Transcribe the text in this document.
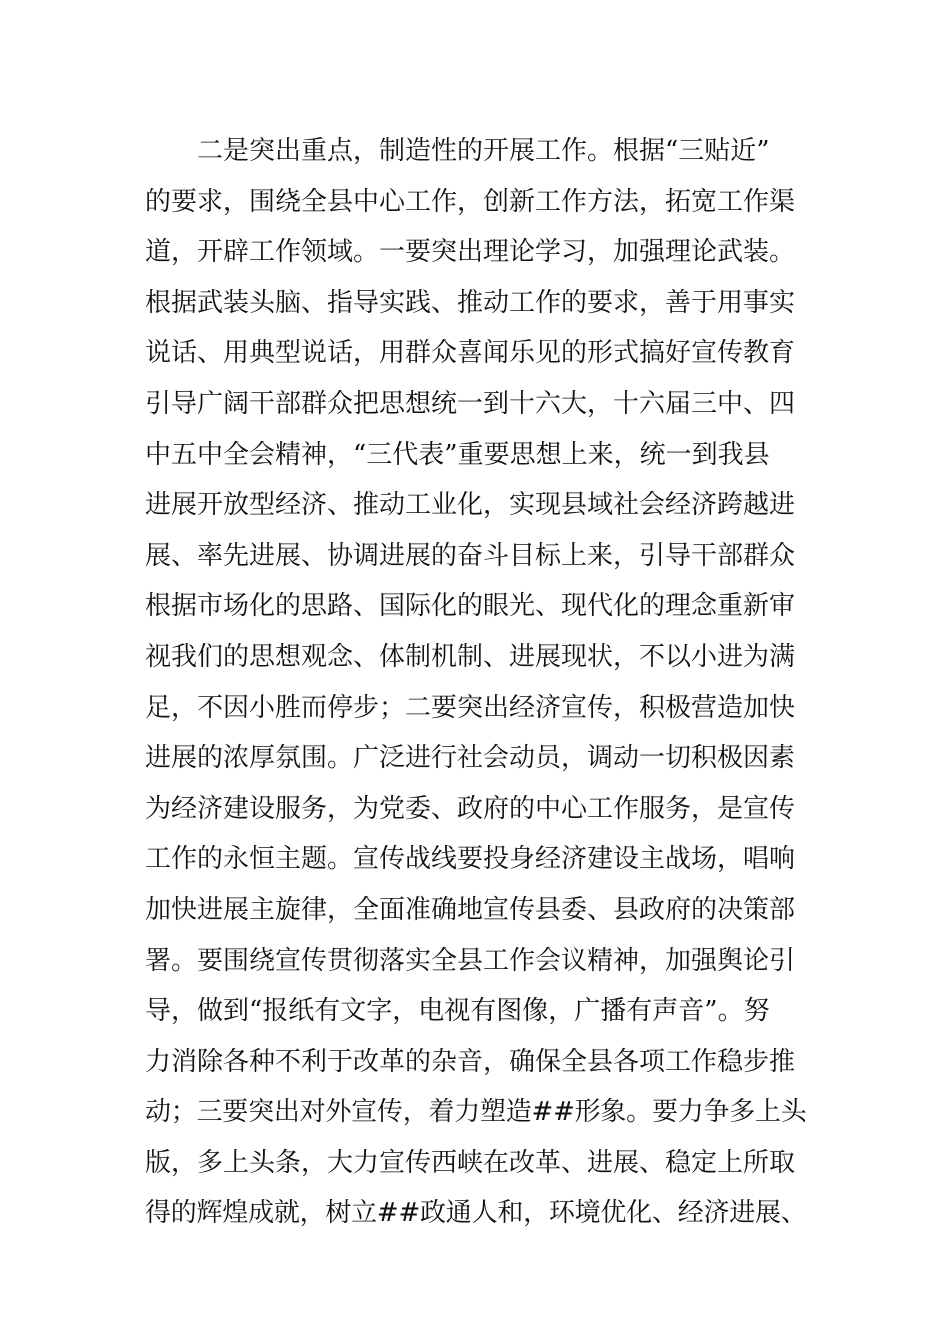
　　二是突出重点，制造性的开展工作。根据“三贴近”
的要求，围绕全县中心工作，创新工作方法，拓宽工作渠
道，开辟工作领域。一要突出理论学习，加强理论武装。
根据武装头脑、指导实践、推动工作的要求，善于用事实
说话、用典型说话，用群众喜闻乐见的形式搞好宣传教育
引导广阔干部群众把思想统一到十六大，十六届三中、四
中五中全会精神，“三代表”重要思想上来，统一到我县
进展开放型经济、推动工业化，实现县域社会经济跨越进
展、率先进展、协调进展的奋斗目标上来，引导干部群众
根据市场化的思路、国际化的眼光、现代化的理念重新审
视我们的思想观念、体制机制、进展现状，不以小进为满
足，不因小胜而停步；二要突出经济宣传，积极营造加快
进展的浓厚氛围。广泛进行社会动员，调动一切积极因素
为经济建设服务，为党委、政府的中心工作服务，是宣传
工作的永恒主题。宣传战线要投身经济建设主战场，唱响
加快进展主旋律，全面准确地宣传县委、县政府的决策部
署。要围绕宣传贯彻落实全县工作会议精神，加强舆论引
导，做到“报纸有文字，电视有图像，广播有声音”。努
力消除各种不利于改革的杂音，确保全县各项工作稳步推
动；三要突出对外宣传，着力塑造##形象。要力争多上头
版，多上头条，大力宣传西峡在改革、进展、稳定上所取
得的辉煌成就，树立##政通人和，环境优化、经济进展、
